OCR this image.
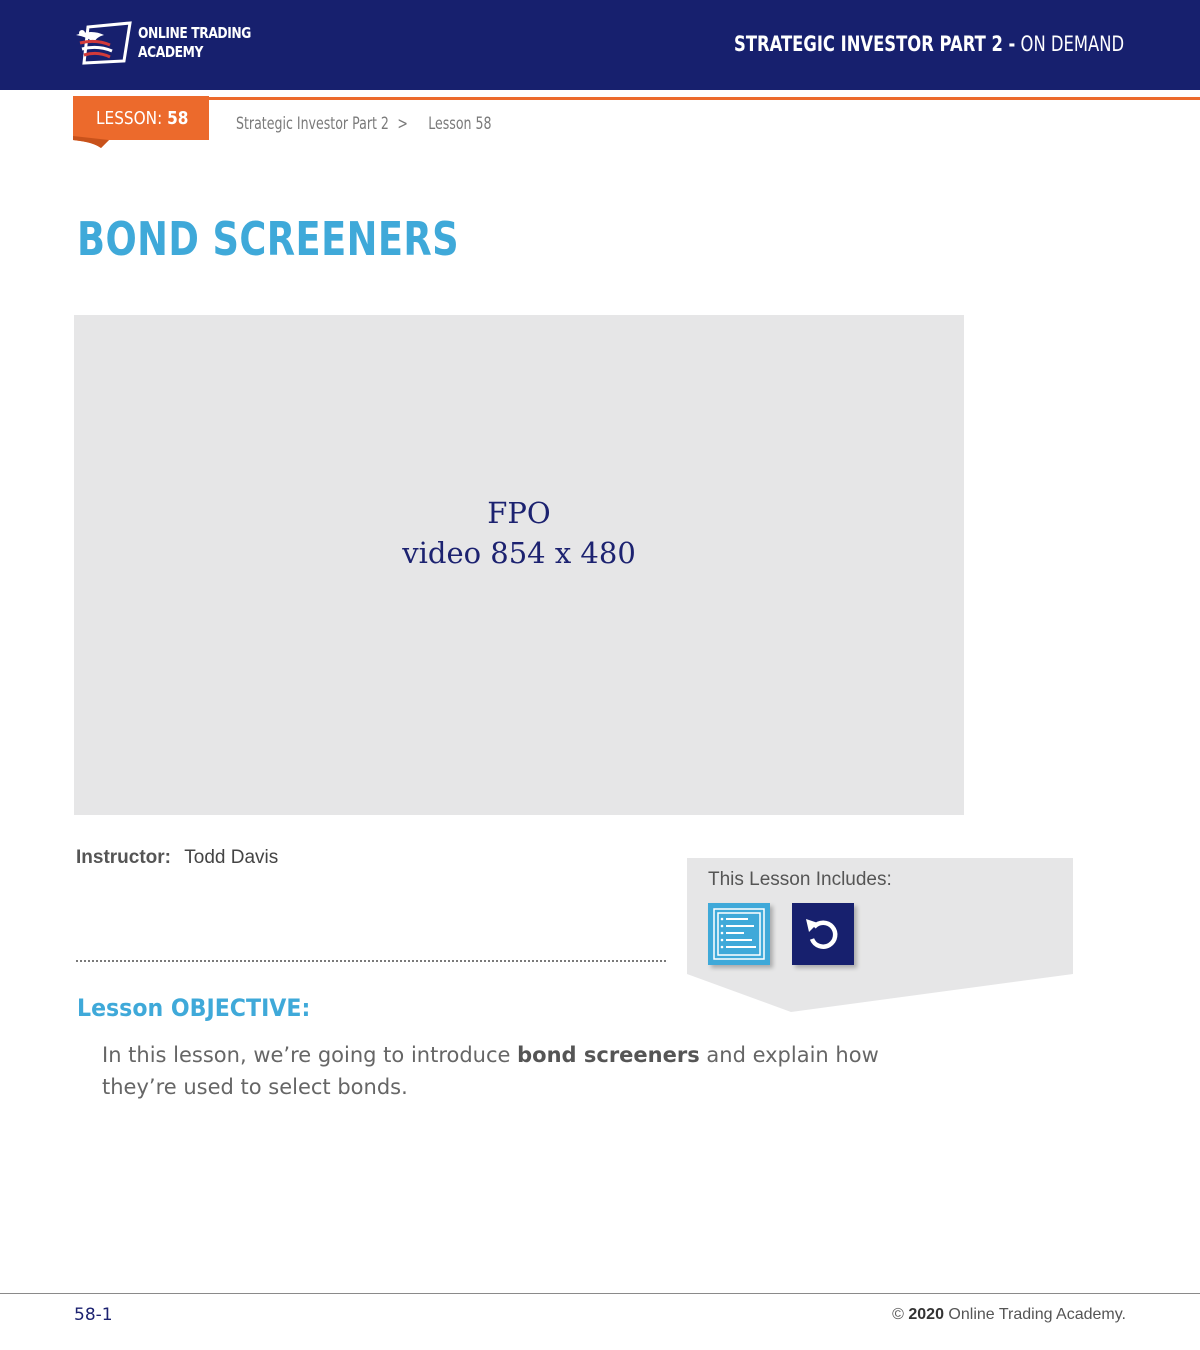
ONLINE TRADING
ACADEMY	STRATEGIC INVESTOR PART 2 - ON DEMAND
LESSON: 58	Strategic Investor Part 2 > Lesson 58
BOND SCREENERS
FPO
video 854 x 480
Instructor: Todd Davis
This Lesson Includes:
Lesson OBJECTIVE:
In this lesson, we’re going to introduce bond screeners and explain how they’re used to select bonds.
58-1	© 2020 Online Trading Academy.
